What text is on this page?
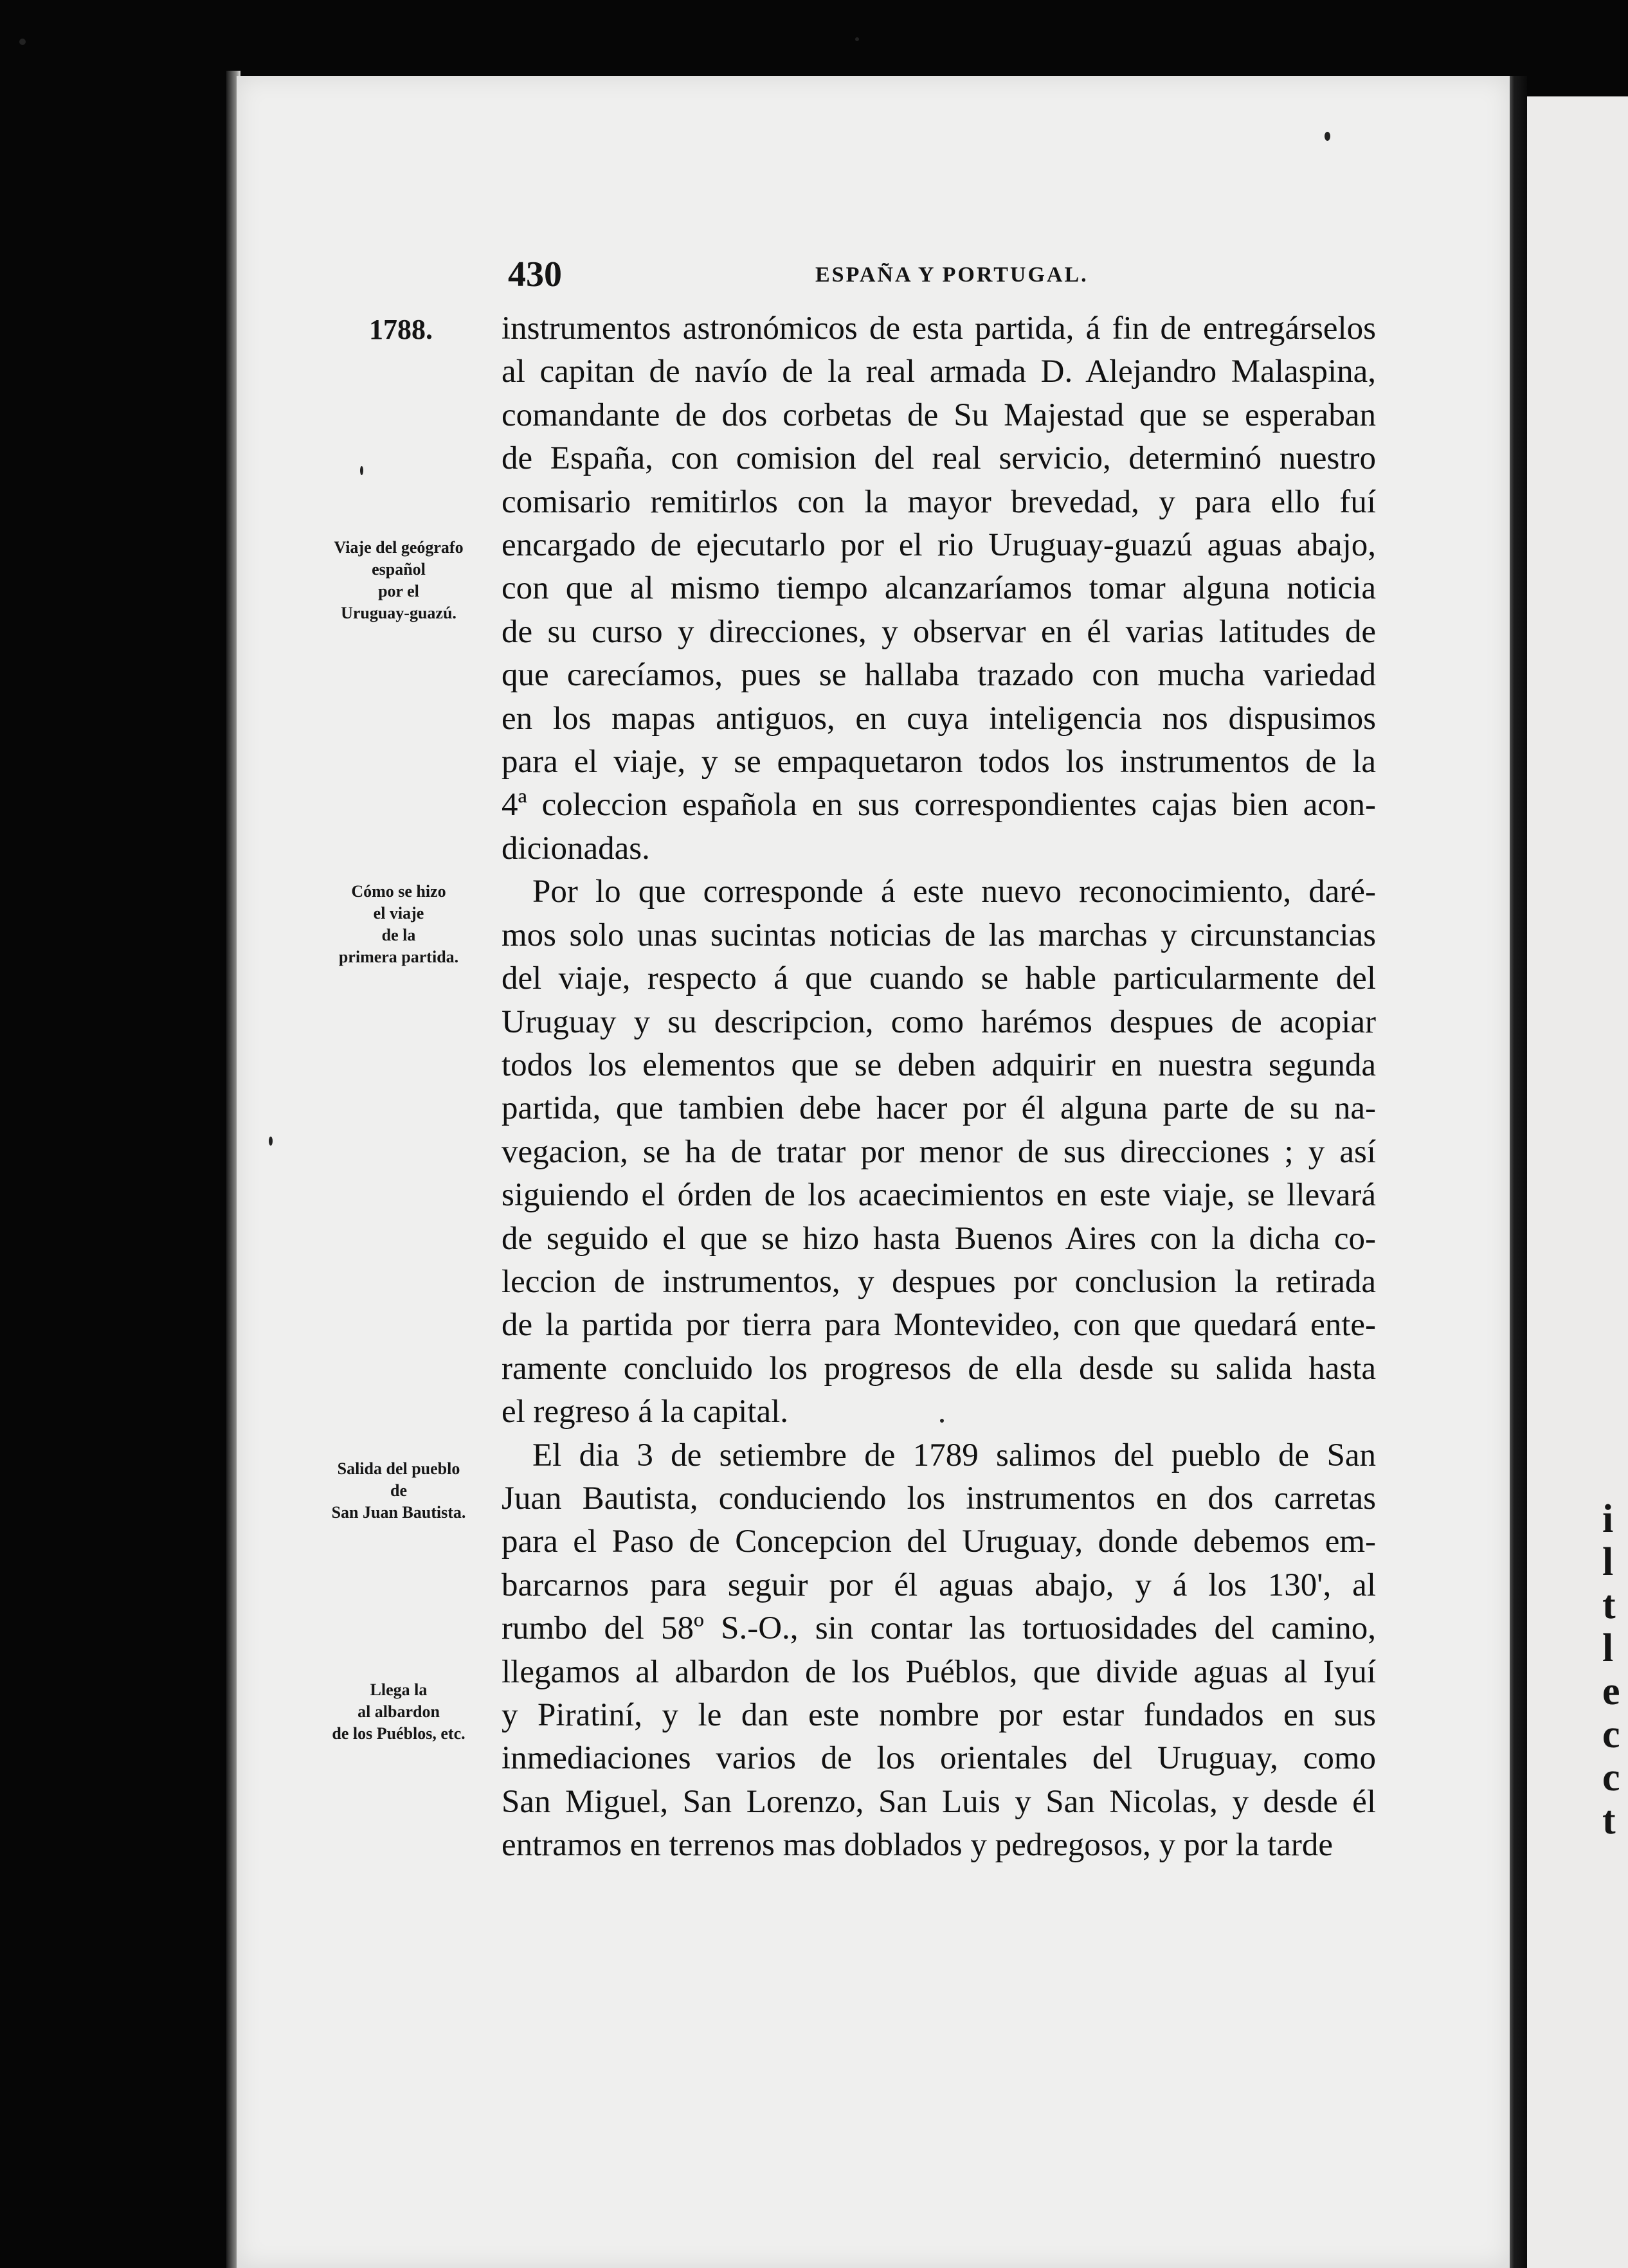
i
l
t
l
e
c
c
t
430	ESPAÑA Y PORTUGAL.
1788.
Viaje del geógrafo
español
por el
Uruguay-guazú.
Cómo se hizo
el viaje
de la
primera partida.
Salida del pueblo
de
San Juan Bautista.
Llega la
al albardon
de los Puéblos, etc.
instrumentos astronómicos de esta partida, á fin de entregárselos
al capitan de navío de la real armada D. Alejandro Malaspina,
comandante de dos corbetas de Su Majestad que se esperaban
de España, con comision del real servicio, determinó nuestro
comisario remitirlos con la mayor brevedad, y para ello fuí
encargado de ejecutarlo por el rio Uruguay-guazú aguas abajo,
con que al mismo tiempo alcanzaríamos tomar alguna noticia
de su curso y direcciones, y observar en él varias latitudes de
que carecíamos, pues se hallaba trazado con mucha variedad
en los mapas antiguos, en cuya inteligencia nos dispusimos
para el viaje, y se empaquetaron todos los instrumentos de la
4ª coleccion española en sus correspondientes cajas bien acon-
dicionadas.
Por lo que corresponde á este nuevo reconocimiento, daré-
mos solo unas sucintas noticias de las marchas y circunstancias
del viaje, respecto á que cuando se hable particularmente del
Uruguay y su descripcion, como harémos despues de acopiar
todos los elementos que se deben adquirir en nuestra segunda
partida, que tambien debe hacer por él alguna parte de su na-
vegacion, se ha de tratar por menor de sus direcciones ; y así
siguiendo el órden de los acaecimientos en este viaje, se llevará
de seguido el que se hizo hasta Buenos Aires con la dicha co-
leccion de instrumentos, y despues por conclusion la retirada
de la partida por tierra para Montevideo, con que quedará ente-
ramente concluido los progresos de ella desde su salida hasta
el regreso á la capital.
El dia 3 de setiembre de 1789 salimos del pueblo de San
Juan Bautista, conduciendo los instrumentos en dos carretas
para el Paso de Concepcion del Uruguay, donde debemos em-
barcarnos para seguir por él aguas abajo, y á los 130', al
rumbo del 58º S.-O., sin contar las tortuosidades del camino,
llegamos al albardon de los Puéblos, que divide aguas al Iyuí
y Piratiní, y le dan este nombre por estar fundados en sus
inmediaciones varios de los orientales del Uruguay, como
San Miguel, San Lorenzo, San Luis y San Nicolas, y desde él
entramos en terrenos mas doblados y pedregosos, y por la tarde
